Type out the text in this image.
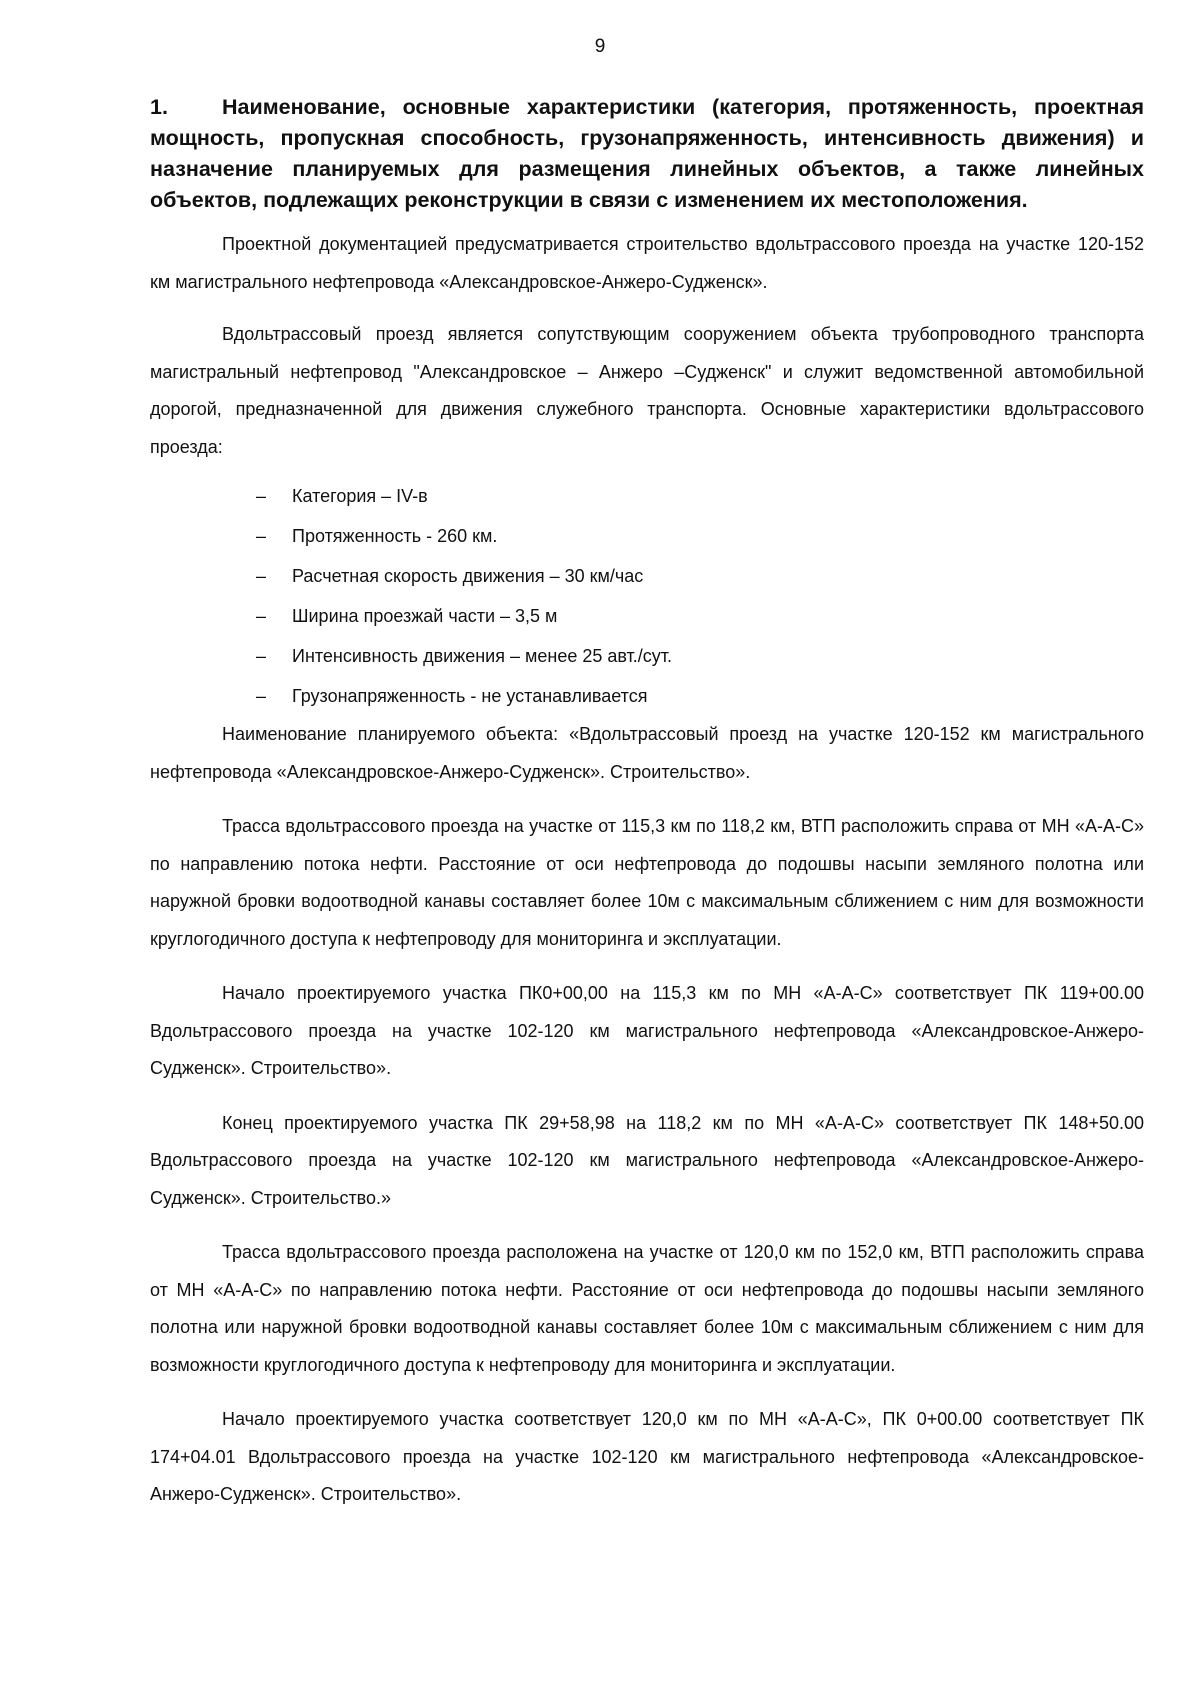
9
1.	Наименование, основные характеристики (категория, протяженность, проектная мощность, пропускная способность, грузонапряженность, интенсивность движения) и назначение планируемых для размещения линейных объектов, а также линейных объектов, подлежащих реконструкции в связи с изменением их местоположения.

Проектной документацией предусматривается строительство вдольтрассового проезда на участке 120-152 км магистрального нефтепровода «Александровское-Анжеро-Судженск».

Вдольтрассовый проезд является сопутствующим сооружением объекта трубопроводного транспорта магистральный нефтепровод "Александровское – Анжеро –Судженск" и служит ведомственной автомобильной дорогой, предназначенной для движения служебного транспорта. Основные характеристики вдольтрассового проезда:

– Категория – IV-в
– Протяженность - 260 км.
– Расчетная скорость движения – 30 км/час
– Ширина проезжай части – 3,5 м
– Интенсивность движения – менее 25 авт./сут.
– Грузонапряженность - не устанавливается

Наименование планируемого объекта: «Вдольтрассовый проезд на участке 120-152 км магистрального нефтепровода «Александровское-Анжеро-Судженск». Строительство».

Трасса вдольтрассового проезда на участке от 115,3 км по 118,2 км, ВТП расположить справа от МН «А-А-С» по направлению потока нефти. Расстояние от оси нефтепровода до подошвы насыпи земляного полотна или наружной бровки водоотводной канавы составляет более 10м с максимальным сближением с ним для возможности круглогодичного доступа к нефтепроводу для мониторинга и эксплуатации.

Начало проектируемого участка ПК0+00,00 на 115,3 км по МН «А-А-С» соответствует ПК 119+00.00 Вдольтрассового проезда на участке 102-120 км магистрального нефтепровода «Александровское-Анжеро-Судженск». Строительство».

Конец проектируемого участка ПК 29+58,98 на 118,2 км по МН «А-А-С» соответствует ПК 148+50.00 Вдольтрассового проезда на участке 102-120 км магистрального нефтепровода «Александровское-Анжеро-Судженск». Строительство.»

Трасса вдольтрассового проезда расположена на участке от 120,0 км по 152,0 км, ВТП расположить справа от МН «А-А-С» по направлению потока нефти. Расстояние от оси нефтепровода до подошвы насыпи земляного полотна или наружной бровки водоотводной канавы составляет более 10м с максимальным сближением с ним для возможности круглогодичного доступа к нефтепроводу для мониторинга и эксплуатации.

Начало проектируемого участка соответствует 120,0 км по МН «А-А-С», ПК 0+00.00 соответствует ПК 174+04.01 Вдольтрассового проезда на участке 102-120 км магистрального нефтепровода «Александровское-Анжеро-Судженск». Строительство».
